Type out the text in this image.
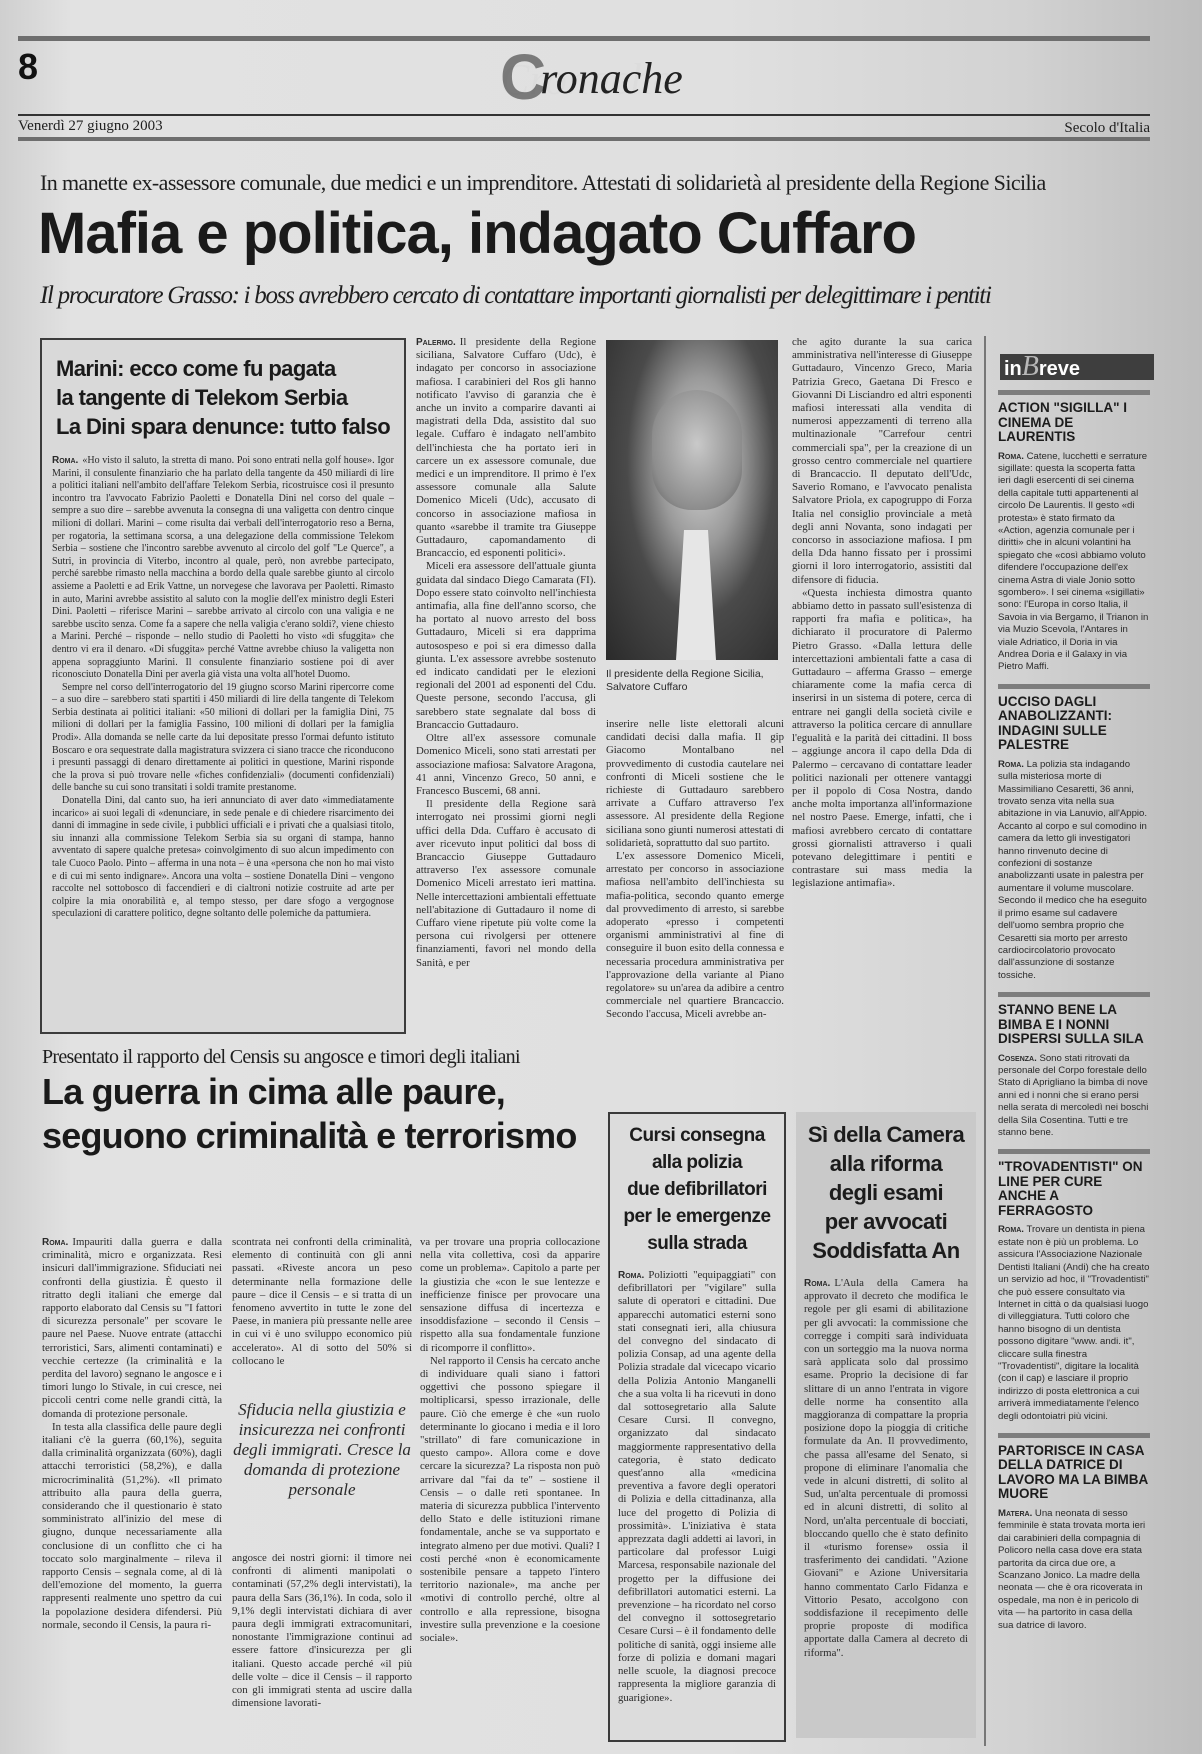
8	Cronache
Venerdì 27 giugno 2003	Secolo d'Italia
In manette ex-assessore comunale, due medici e un imprenditore. Attestati di solidarietà al presidente della Regione Sicilia
Mafia e politica, indagato Cuffaro
Il procuratore Grasso: i boss avrebbero cercato di contattare importanti giornalisti per delegittimare i pentiti
Marini: ecco come fu pagata
la tangente di Telekom Serbia
La Dini spara denunce: tutto falso

Roma. «Ho visto il saluto, la stretta di mano. Poi sono entrati nella golf house». Igor Marini, il consulente finanziario che ha parlato della tangente da 450 miliardi di lire a politici italiani nell'ambito dell'affare Telekom Serbia, ricostruisce così il presunto incontro tra l'avvocato Fabrizio Paoletti e Donatella Dini nel corso del quale – sempre a suo dire – sarebbe avvenuta la consegna di una valigetta con dentro cinque milioni di dollari. Marini – come risulta dai verbali dell'interrogatorio reso a Berna, per rogatoria, la settimana scorsa, a una delegazione della commissione Telekom Serbia – sostiene che l'incontro sarebbe avvenuto al circolo del golf "Le Querce", a Sutri, in provincia di Viterbo, incontro al quale, però, non avrebbe partecipato, perché sarebbe rimasto nella macchina a bordo della quale sarebbe giunto al circolo assieme a Paoletti e ad Erik Vattne, un norvegese che lavorava per Paoletti. Rimasto in auto, Marini avrebbe assistito al saluto con la moglie dell'ex ministro degli Esteri Dini. Paoletti – riferisce Marini – sarebbe arrivato al circolo con una valigia e ne sarebbe uscito senza. Come fa a sapere che nella valigia c'erano soldi?, viene chiesto a Marini. Perché – risponde – nello studio di Paoletti ho visto «di sfuggita» che dentro vi era il denaro. «Di sfuggita» perché Vattne avrebbe chiuso la valigetta non appena sopraggiunto Marini. Il consulente finanziario sostiene poi di aver riconosciuto Donatella Dini per averla già vista una volta all'hotel Duomo.

Sempre nel corso dell'interrogatorio del 19 giugno scorso Marini ripercorre come – a suo dire – sarebbero stati spartiti i 450 miliardi di lire della tangente di Telekom Serbia destinata ai politici italiani: «50 milioni di dollari per la famiglia Dini, 75 milioni di dollari per la famiglia Fassino, 100 milioni di dollari per la famiglia Prodi». Alla domanda se nelle carte da lui depositate presso l'ormai defunto istituto Boscaro e ora sequestrate dalla magistratura svizzera ci siano tracce che riconducono i presunti passaggi di denaro direttamente ai politici in questione, Marini risponde che la prova si può trovare nelle «fiches confidenziali» (documenti confidenziali) delle banche su cui sono transitati i soldi tramite prestanome.

Donatella Dini, dal canto suo, ha ieri annunciato di aver dato «immediatamente incarico» ai suoi legali di «denunciare, in sede penale e di chiedere risarcimento dei danni di immagine in sede civile, i pubblici ufficiali e i privati che a qualsiasi titolo, siu innanzi alla commissione Telekom Serbia sia su organi di stampa, hanno avventato di sapere qualche pretesa» coinvolgimento di suo alcun impedimento con tale Cuoco Paolo. Pinto – afferma in una nota – è una «persona che non ho mai visto e di cui mi sento indignare». Ancora una volta – sostiene Donatella Dini – vengono raccolte nel sottobosco di faccendieri e di cialtroni notizie costruite ad arte per colpire la mia onorabilità e, al tempo stesso, per dare sfogo a vergognose speculazioni di carattere politico, degne soltanto delle polemiche da pattumiera.

Palermo. Il presidente della Regione siciliana, Salvatore Cuffaro (Udc), è indagato per concorso in associazione mafiosa. I carabinieri del Ros gli hanno notificato l'avviso di garanzia che è anche un invito a comparire davanti ai magistrati della Dda, assistito dal suo legale. Cuffaro è indagato nell'ambito dell'inchiesta che ha portato ieri in carcere un ex assessore comunale, due medici e un imprenditore. Il primo è l'ex assessore comunale alla Salute Domenico Miceli (Udc), accusato di concorso in associazione mafiosa in quanto «sarebbe il tramite tra Giuseppe Guttadauro, capomandamento di Brancaccio, ed esponenti politici».

Miceli era assessore dell'attuale giunta guidata dal sindaco Diego Camarata (FI). Dopo essere stato coinvolto nell'inchiesta antimafia, alla fine dell'anno scorso, che ha portato al nuovo arresto del boss Guttadauro, Miceli si era dapprima autosospeso e poi si era dimesso dalla giunta. L'ex assessore avrebbe sostenuto ed indicato candidati per le elezioni regionali del 2001 ad esponenti del Cdu. Queste persone, secondo l'accusa, gli sarebbero state segnalate dal boss di Brancaccio Guttadauro.

Oltre all'ex assessore comunale Domenico Miceli, sono stati arrestati per associazione mafiosa: Salvatore Aragona, 41 anni, Vincenzo Greco, 50 anni, e Francesco Buscemi, 68 anni.

Il presidente della Regione sarà interrogato nei prossimi giorni negli uffici della Dda. Cuffaro è accusato di aver ricevuto input politici dal boss di Brancaccio Giuseppe Guttadauro attraverso l'ex assessore comunale Domenico Miceli arrestato ieri mattina. Nelle intercettazioni ambientali effettuate nell'abitazione di Guttadauro il nome di Cuffaro viene ripetute più volte come la persona cui rivolgersi per ottenere finanziamenti, favori nel mondo della Sanità, e per

Il presidente della Regione Sicilia, Salvatore Cuffaro

inserire nelle liste elettorali alcuni candidati decisi dalla mafia. Il gip Giacomo Montalbano nel provvedimento di custodia cautelare nei confronti di Miceli sostiene che le richieste di Guttadauro sarebbero arrivate a Cuffaro attraverso l'ex assessore. Al presidente della Regione siciliana sono giunti numerosi attestati di solidarietà, soprattutto dal suo partito.

L'ex assessore Domenico Miceli, arrestato per concorso in associazione mafiosa nell'ambito dell'inchiesta su mafia-politica, secondo quanto emerge dal provvedimento di arresto, si sarebbe adoperato «presso i competenti organismi amministrativi al fine di conseguire il buon esito della connessa e necessaria procedura amministrativa per l'approvazione della variante al Piano regolatore» su un'area da adibire a centro commerciale nel quartiere Brancaccio. Secondo l'accusa, Miceli avrebbe an-

che agito durante la sua carica amministrativa nell'interesse di Giuseppe Guttadauro, Vincenzo Greco, Maria Patrizia Greco, Gaetana Di Fresco e Giovanni Di Lisciandro ed altri esponenti mafiosi interessati alla vendita di numerosi appezzamenti di terreno alla multinazionale "Carrefour centri commerciali spa", per la creazione di un grosso centro commerciale nel quartiere di Brancaccio. Il deputato dell'Udc, Saverio Romano, e l'avvocato penalista Salvatore Priola, ex capogruppo di Forza Italia nel consiglio provinciale a metà degli anni Novanta, sono indagati per concorso in associazione mafiosa. I pm della Dda hanno fissato per i prossimi giorni il loro interrogatorio, assistiti dal difensore di fiducia.

«Questa inchiesta dimostra quanto abbiamo detto in passato sull'esistenza di rapporti fra mafia e politica», ha dichiarato il procuratore di Palermo Pietro Grasso. «Dalla lettura delle intercettazioni ambientali fatte a casa di Guttadauro – afferma Grasso – emerge chiaramente come la mafia cerca di inserirsi in un sistema di potere, cerca di entrare nei gangli della società civile e attraverso la politica cercare di annullare l'egualità e la parità dei cittadini. Il boss – aggiunge ancora il capo della Dda di Palermo – cercavano di contattare leader politici nazionali per ottenere vantaggi per il popolo di Cosa Nostra, dando anche molta importanza all'informazione nel nostro Paese. Emerge, infatti, che i mafiosi avrebbero cercato di contattare grossi giornalisti attraverso i quali potevano delegittimare i pentiti e contrastare sui mass media la legislazione antimafia».

Presentato il rapporto del Censis su angosce e timori degli italiani
La guerra in cima alle paure,
seguono criminalità e terrorismo

Roma. Impauriti dalla guerra e dalla criminalità, micro e organizzata. Resi insicuri dall'immigrazione. Sfiduciati nei confronti della giustizia. È questo il ritratto degli italiani che emerge dal rapporto elaborato dal Censis su "I fattori di sicurezza personale" per scovare le paure nel Paese. Nuove entrate (attacchi terroristici, Sars, alimenti contaminati) e vecchie certezze (la criminalità e la perdita del lavoro) segnano le angosce e i timori lungo lo Stivale, in cui cresce, nei piccoli centri come nelle grandi città, la domanda di protezione personale.

In testa alla classifica delle paure degli italiani c'è la guerra (60,1%), seguita dalla criminalità organizzata (60%), dagli attacchi terroristici (58,2%), e dalla microcriminalità (51,2%). «Il primato attribuito alla paura della guerra, considerando che il questionario è stato somministrato all'inizio del mese di giugno, dunque necessariamente alla conclusione di un conflitto che ci ha toccato solo marginalmente – rileva il rapporto Censis – segnala come, al di là dell'emozione del momento, la guerra rappresenti realmente uno spettro da cui la popolazione desidera difendersi. Più normale, secondo il Censis, la paura ri-

scontrata nei confronti della criminalità, elemento di continuità con gli anni passati. «Riveste ancora un peso determinante nella formazione delle paure – dice il Censis – e si tratta di un fenomeno avvertito in tutte le zone del Paese, in maniera più pressante nelle aree in cui vi è uno sviluppo economico più accelerato». Al di sotto del 50% si collocano le

Sfiducia nella giustizia e insicurezza nei confronti degli immigrati. Cresce la domanda di protezione personale

angosce dei nostri giorni: il timore nei confronti di alimenti manipolati o contaminati (57,2% degli intervistati), la paura della Sars (36,1%). In coda, solo il 9,1% degli intervistati dichiara di aver paura degli immigrati extracomunitari, nonostante l'immigrazione continui ad essere fattore d'insicurezza per gli italiani. Questo accade perché «il più delle volte – dice il Censis – il rapporto con gli immigrati stenta ad uscire dalla dimensione lavorati-

va per trovare una propria collocazione nella vita collettiva, così da apparire come un problema». Capitolo a parte per la giustizia che «con le sue lentezze e inefficienze finisce per provocare una sensazione diffusa di incertezza e insoddisfazione – secondo il Censis – rispetto alla sua fondamentale funzione di ricomporre il conflitto».

Nel rapporto il Censis ha cercato anche di individuare quali siano i fattori oggettivi che possono spiegare il moltiplicarsi, spesso irrazionale, delle paure. Ciò che emerge è che «un ruolo determinante lo giocano i media e il loro "strillato" di fare comunicazione in questo campo». Allora come e dove cercare la sicurezza? La risposta non può arrivare dal "fai da te" – sostiene il Censis – o dalle reti spontanee. In materia di sicurezza pubblica l'intervento dello Stato e delle istituzioni rimane fondamentale, anche se va supportato e integrato almeno per due motivi. Quali? I costi perché «non è economicamente sostenibile pensare a tappeto l'intero territorio nazionale», ma anche per «motivi di controllo perché, oltre al controllo e alla repressione, bisogna investire sulla prevenzione e la coesione sociale».

Cursi consegna
alla polizia
due defibrillatori
per le emergenze
sulla strada

Roma. Poliziotti "equipaggiati" con defibrillatori per "vigilare" sulla salute di operatori e cittadini. Due apparecchi automatici esterni sono stati consegnati ieri, alla chiusura del convegno del sindacato di polizia Consap, ad una agente della Polizia stradale dal vicecapo vicario della Polizia Antonio Manganelli che a sua volta li ha ricevuti in dono dal sottosegretario alla Salute Cesare Cursi. Il convegno, organizzato dal sindacato maggiormente rappresentativo della categoria, è stato dedicato quest'anno alla «medicina preventiva a favore degli operatori di Polizia e della cittadinanza, alla luce del progetto di Polizia di prossimità». L'iniziativa è stata apprezzata dagli addetti ai lavori, in particolare dal professor Luigi Marcesa, responsabile nazionale del progetto per la diffusione dei defibrillatori automatici esterni. La prevenzione – ha ricordato nel corso del convegno il sottosegretario Cesare Cursi – è il fondamento delle politiche di sanità, oggi insieme alle forze di polizia e domani magari nelle scuole, la diagnosi precoce rappresenta la migliore garanzia di guarigione».

Sì della Camera
alla riforma
degli esami
per avvocati
Soddisfatta An

Roma. L'Aula della Camera ha approvato il decreto che modifica le regole per gli esami di abilitazione per gli avvocati: la commissione che corregge i compiti sarà individuata con un sorteggio ma la nuova norma sarà applicata solo dal prossimo esame. Proprio la decisione di far slittare di un anno l'entrata in vigore delle norme ha consentito alla maggioranza di compattare la propria posizione dopo la pioggia di critiche formulate da An. Il provvedimento, che passa all'esame del Senato, si propone di eliminare l'anomalia che vede in alcuni distretti, di solito al Sud, un'alta percentuale di promossi ed in alcuni distretti, di solito al Nord, un'alta percentuale di bocciati, bloccando quello che è stato definito il «turismo forense» ossia il trasferimento dei candidati. "Azione Giovani" e Azione Universitaria hanno commentato Carlo Fidanza e Vittorio Pesato, accolgono con soddisfazione il recepimento delle proprie proposte di modifica apportate dalla Camera al decreto di riforma".

inBreve
ACTION "SIGILLA" I CINEMA DE LAURENTIS
Roma. Catene, lucchetti e serrature sigillate: questa la scoperta fatta ieri dagli esercenti di sei cinema della capitale tutti appartenenti al circolo De Laurentis. Il gesto «di protesta» è stato firmato da «Action, agenzia comunale per i diritti» che in alcuni volantini ha spiegato che «così abbiamo voluto difendere l'occupazione dell'ex cinema Astra di viale Jonio sotto sgombero». I sei cinema «sigillati» sono: l'Europa in corso Italia, il Savoia in via Bergamo, il Trianon in via Muzio Scevola, l'Antares in viale Adriatico, il Doria in via Andrea Doria e il Galaxy in via Pietro Maffi.
UCCISO DAGLI ANABOLIZZANTI: INDAGINI SULLE PALESTRE
Roma. La polizia sta indagando sulla misteriosa morte di Massimiliano Cesaretti, 36 anni, trovato senza vita nella sua abitazione in via Lanuvio, all'Appio. Accanto al corpo e sul comodino in camera da letto gli investigatori hanno rinvenuto decine di confezioni di sostanze anabolizzanti usate in palestra per aumentare il volume muscolare. Secondo il medico che ha eseguito il primo esame sul cadavere dell'uomo sembra proprio che Cesaretti sia morto per arresto cardiocircolatorio provocato dall'assunzione di sostanze tossiche.
STANNO BENE LA BIMBA E I NONNI DISPERSI SULLA SILA
Cosenza. Sono stati ritrovati da personale del Corpo forestale dello Stato di Aprigliano la bimba di nove anni ed i nonni che si erano persi nella serata di mercoledì nei boschi della Sila Cosentina. Tutti e tre stanno bene.
"TROVADENTISTI" ON LINE PER CURE ANCHE A FERRAGOSTO
Roma. Trovare un dentista in piena estate non è più un problema. Lo assicura l'Associazione Nazionale Dentisti Italiani (Andi) che ha creato un servizio ad hoc, il "Trovadentisti" che può essere consultato via Internet in città o da qualsiasi luogo di villeggiatura. Tutti coloro che hanno bisogno di un dentista possono digitare "www. andi. it", cliccare sulla finestra "Trovadentisti", digitare la località (con il cap) e lasciare il proprio indirizzo di posta elettronica a cui arriverà immediatamente l'elenco degli odontoiatri più vicini.
PARTORISCE IN CASA DELLA DATRICE DI LAVORO MA LA BIMBA MUORE
Matera. Una neonata di sesso femminile è stata trovata morta ieri dai carabinieri della compagnia di Policoro nella casa dove era stata partorita da circa due ore, a Scanzano Jonico. La madre della neonata — che è ora ricoverata in ospedale, ma non è in pericolo di vita — ha partorito in casa della sua datrice di lavoro.
